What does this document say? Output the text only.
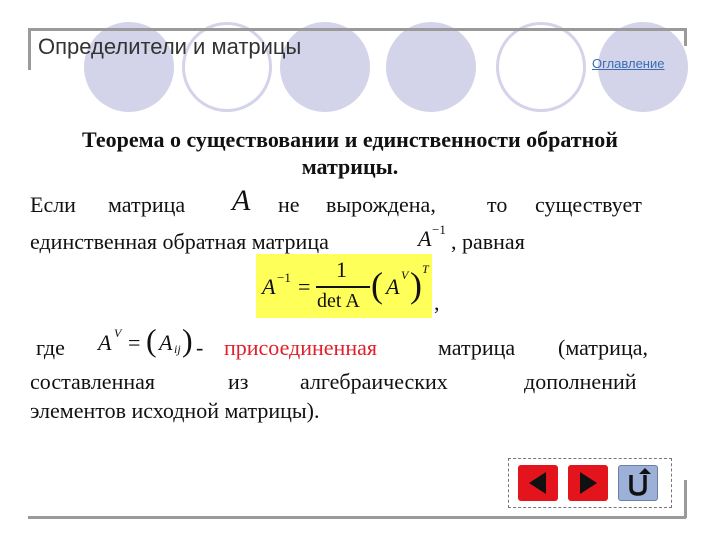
Определители и матрицы
Оглавление
Теорема о существовании и единственности обратной
матрицы.
Если матрица A не вырождена, то существует
единственная обратная матрица	A −1 , равная
A −1 =
1
det A ( A V ) T
,
где A V = ( A ij ) - присоединенная	матрица (матрица,
составленная	из алгебраических	дополнений
элементов исходной матрицы).
